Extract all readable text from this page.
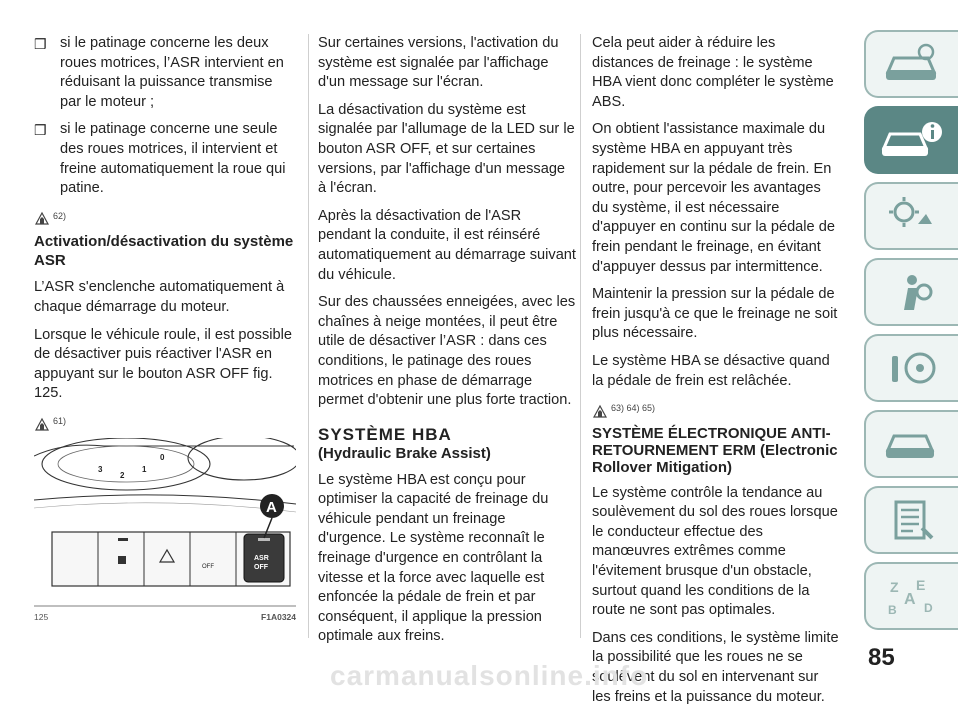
❒ si le patinage concerne les deux roues motrices, l’ASR intervient en réduisant la puissance transmise par le moteur ;
❒ si le patinage concerne une seule des roues motrices, il intervient et freine automatiquement la roue qui patine.
62)
Activation/désactivation du système ASR

L’ASR s'enclenche automatiquement à chaque démarrage du moteur.

Lorsque le véhicule roule, il est possible de désactiver puis réactiver l'ASR en appuyant sur le bouton ASR OFF fig. 125.

61)
3
2
1
0
OFF
ASR
OFF
A
125	F1A0324

Sur certaines versions, l'activation du système est signalée par l'affichage d'un message sur l'écran.

La désactivation du système est signalée par l'allumage de la LED sur le bouton ASR OFF, et sur certaines versions, par l'affichage d'un message à l'écran.

Après la désactivation de l'ASR pendant la conduite, il est réinséré automatiquement au démarrage suivant du véhicule.

Sur des chaussées enneigées, avec les chaînes à neige montées, il peut être utile de désactiver l’ASR : dans ces conditions, le patinage des roues motrices en phase de démarrage permet d'obtenir une plus forte traction.

SYSTÈME HBA
(Hydraulic Brake Assist)

Le système HBA est conçu pour optimiser la capacité de freinage du véhicule pendant un freinage d'urgence. Le système reconnaît le freinage d'urgence en contrôlant la vitesse et la force avec laquelle est enfoncée la pédale de frein et par conséquent, il applique la pression optimale aux freins.

Cela peut aider à réduire les distances de freinage : le système HBA vient donc compléter le système ABS.

On obtient l'assistance maximale du système HBA en appuyant très rapidement sur la pédale de frein. En outre, pour percevoir les avantages du système, il est nécessaire d'appuyer en continu sur la pédale de frein pendant le freinage, en évitant d'appuyer dessus par intermittence.

Maintenir la pression sur la pédale de frein jusqu'à ce que le freinage ne soit plus nécessaire.

Le système HBA se désactive quand la pédale de frein est relâchée.

63) 64) 65)
SYSTÈME ÉLECTRONIQUE ANTI-RETOURNEMENT ERM (Electronic Rollover Mitigation)

Le système contrôle la tendance au soulèvement du sol des roues lorsque le conducteur effectue des manœuvres extrêmes comme l'évitement brusque d'un obstacle, surtout quand les conditions de la route ne sont pas optimales.

Dans ces conditions, le système limite la possibilité que les roues ne se soulèvent du sol en intervenant sur les freins et la puissance du moteur.

Z E
A
B D
85
carmanualsonline.info
